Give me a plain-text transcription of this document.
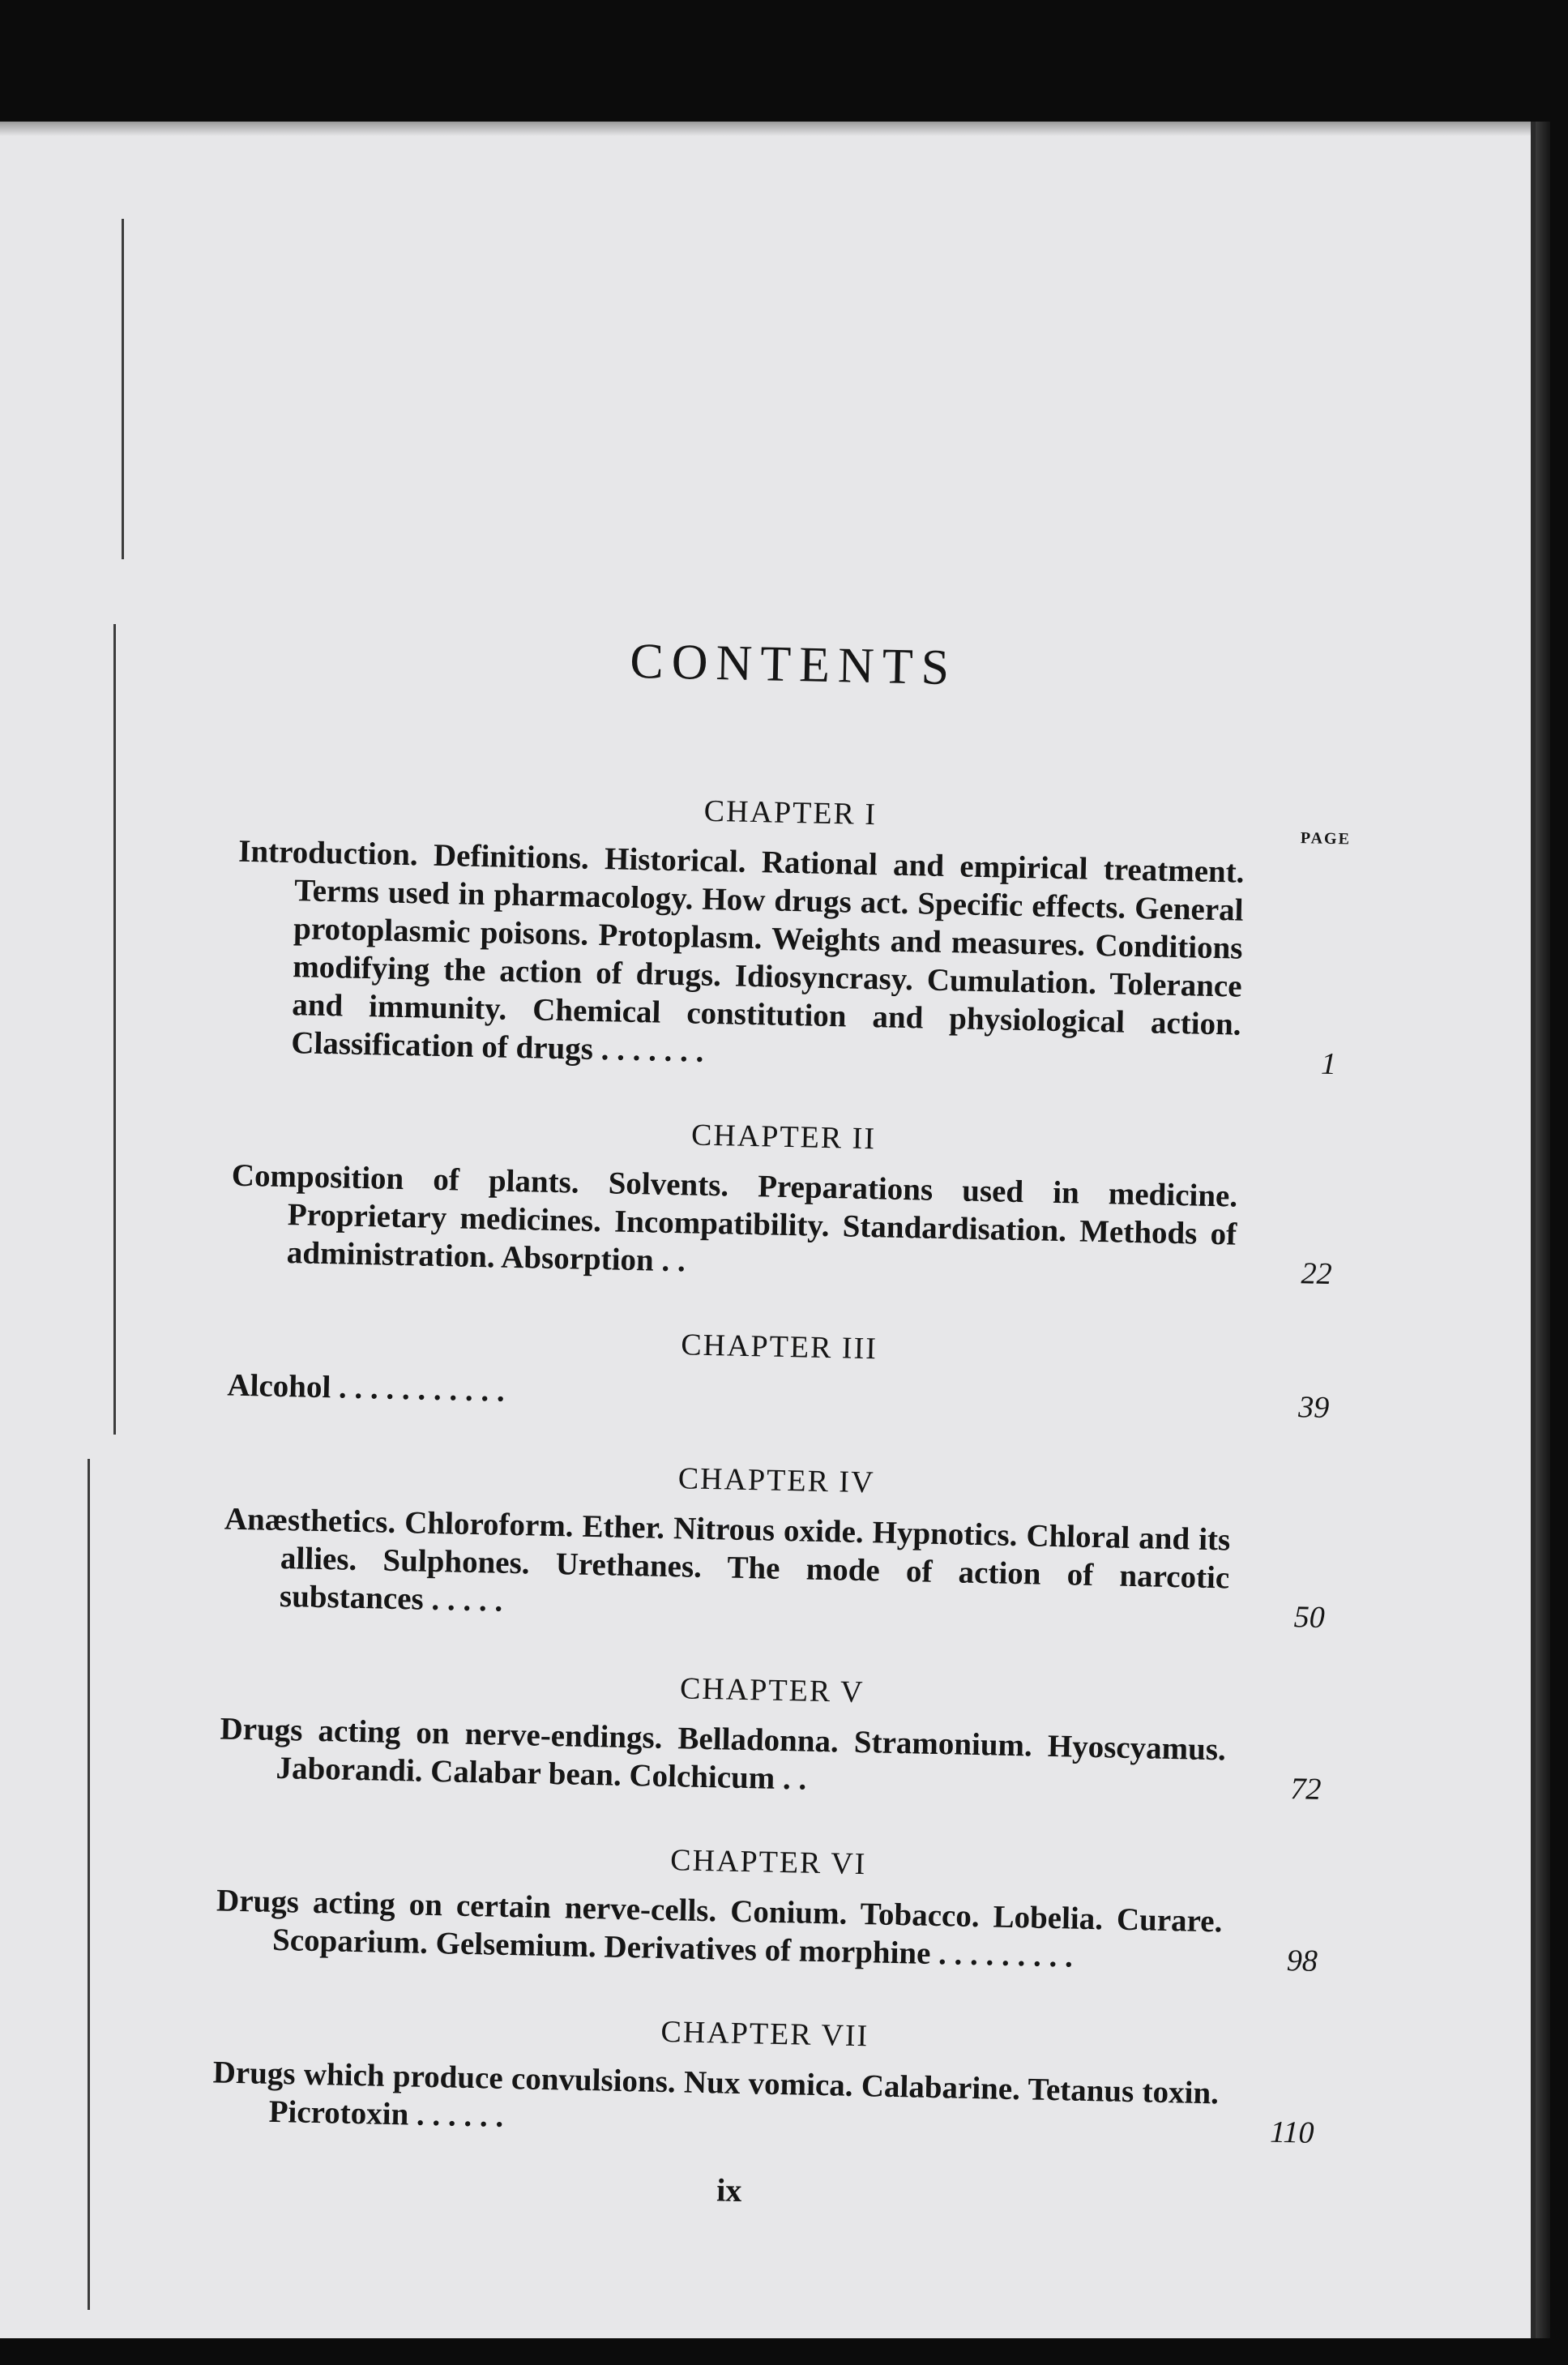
CONTENTS
PAGE
CHAPTER I
Introduction. Definitions. Historical. Rational and empirical treatment. Terms used in pharmacology. How drugs act. Specific effects. General protoplasmic poisons. Protoplasm. Weights and measures. Conditions modifying the action of drugs. Idiosyncrasy. Cumulation. Tolerance and immunity. Chemical constitution and physiological action. Classification of drugs . . . . . . .	1
CHAPTER II
Composition of plants. Solvents. Preparations used in medicine. Proprietary medicines. Incompatibility. Standardisation. Methods of administration. Absorption . .	22
CHAPTER III
Alcohol . . . . . . . . . . .	39
CHAPTER IV
Anæsthetics. Chloroform. Ether. Nitrous oxide. Hypnotics. Chloral and its allies. Sulphones. Urethanes. The mode of action of narcotic substances . . . . .	50
CHAPTER V
Drugs acting on nerve-endings. Belladonna. Stramonium. Hyoscyamus. Jaborandi. Calabar bean. Colchicum . .	72
CHAPTER VI
Drugs acting on certain nerve-cells. Conium. Tobacco. Lobelia. Curare. Scoparium. Gelsemium. Derivatives of morphine . . . . . . . . .	98
CHAPTER VII
Drugs which produce convulsions. Nux vomica. Calabarine. Tetanus toxin. Picrotoxin . . . . . .	110
ix
